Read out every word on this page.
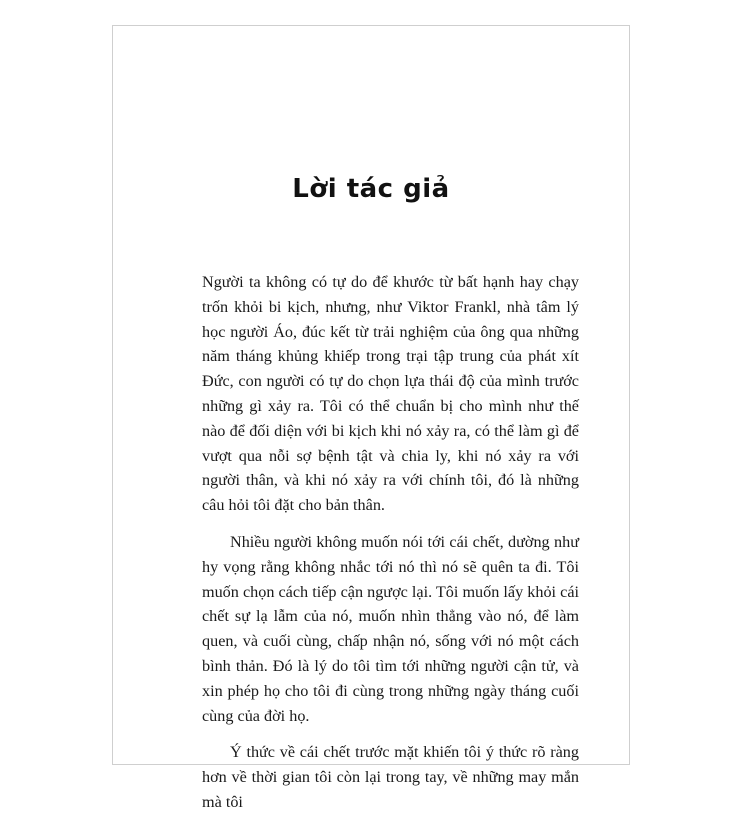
Lời tác giả

Người ta không có tự do để khước từ bất hạnh hay chạy trốn khỏi bi kịch, nhưng, như Viktor Frankl, nhà tâm lý học người Áo, đúc kết từ trải nghiệm của ông qua những năm tháng khủng khiếp trong trại tập trung của phát xít Đức, con người có tự do chọn lựa thái độ của mình trước những gì xảy ra. Tôi có thể chuẩn bị cho mình như thế nào để đối diện với bi kịch khi nó xảy ra, có thể làm gì để vượt qua nỗi sợ bệnh tật và chia ly, khi nó xảy ra với người thân, và khi nó xảy ra với chính tôi, đó là những câu hỏi tôi đặt cho bản thân.

Nhiều người không muốn nói tới cái chết, dường như hy vọng rằng không nhắc tới nó thì nó sẽ quên ta đi. Tôi muốn chọn cách tiếp cận ngược lại. Tôi muốn lấy khỏi cái chết sự lạ lẫm của nó, muốn nhìn thẳng vào nó, để làm quen, và cuối cùng, chấp nhận nó, sống với nó một cách bình thản. Đó là lý do tôi tìm tới những người cận tử, và xin phép họ cho tôi đi cùng trong những ngày tháng cuối cùng của đời họ.

Ý thức về cái chết trước mặt khiến tôi ý thức rõ ràng hơn về thời gian tôi còn lại trong tay, về những may mắn mà tôi
